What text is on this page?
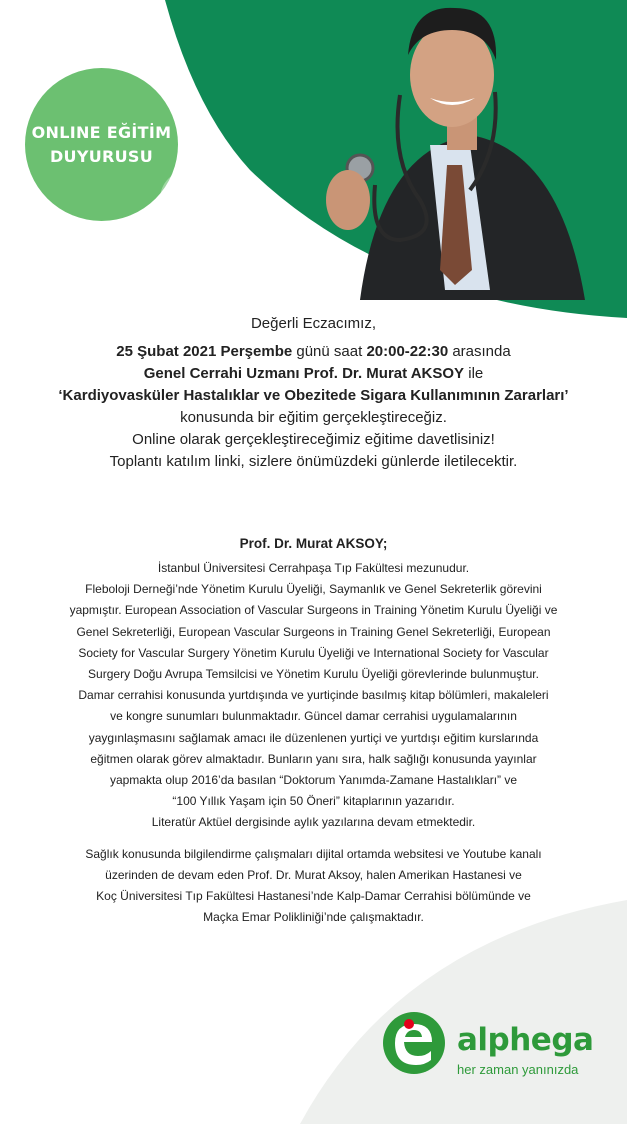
ONLINE EĞİTİM
DUYURUSU

Değerli Eczacımız,

25 Şubat 2021 Perşembe günü saat 20:00-22:30 arasında

Genel Cerrahi Uzmanı Prof. Dr. Murat AKSOY ile

‘Kardiyovasküler Hastalıklar ve Obezitede Sigara Kullanımının Zararları’

konusunda bir eğitim gerçekleştireceğiz.

Online olarak gerçekleştireceğimiz eğitime davetlisiniz!

Toplantı katılım linki, sizlere önümüzdeki günlerde iletilecektir.

Prof. Dr. Murat AKSOY;

İstanbul Üniversitesi Cerrahpaşa Tıp Fakültesi mezunudur.

Fleboloji Derneği’nde Yönetim Kurulu Üyeliği, Saymanlık ve Genel Sekreterlik görevini

yapmıştır. European Association of Vascular Surgeons in Training Yönetim Kurulu Üyeliği ve

Genel Sekreterliği, European Vascular Surgeons in Training Genel Sekreterliği, European

Society for Vascular Surgery Yönetim Kurulu Üyeliği ve International Society for Vascular

Surgery Doğu Avrupa Temsilcisi ve Yönetim Kurulu Üyeliği görevlerinde bulunmuştur.

Damar cerrahisi konusunda yurtdışında ve yurtiçinde basılmış kitap bölümleri, makaleleri

ve kongre sunumları bulunmaktadır. Güncel damar cerrahisi uygulamalarının

yaygınlaşmasını sağlamak amacı ile düzenlenen yurtiçi ve yurtdışı eğitim kurslarında

eğitmen olarak görev almaktadır. Bunların yanı sıra, halk sağlığı konusunda yayınlar

yapmakta olup 2016’da basılan “Doktorum Yanımda-Zamane Hastalıkları” ve

“100 Yıllık Yaşam için 50 Öneri” kitaplarının yazarıdır.

Literatür Aktüel dergisinde aylık yazılarına devam etmektedir.

Sağlık konusunda bilgilendirme çalışmaları dijital ortamda websitesi ve Youtube kanalı

üzerinden de devam eden Prof. Dr. Murat Aksoy, halen Amerikan Hastanesi ve

Koç Üniversitesi Tıp Fakültesi Hastanesi’nde Kalp-Damar Cerrahisi bölümünde ve

Maçka Emar Polikliniği’nde çalışmaktadır.

alphega
her zaman yanınızda
